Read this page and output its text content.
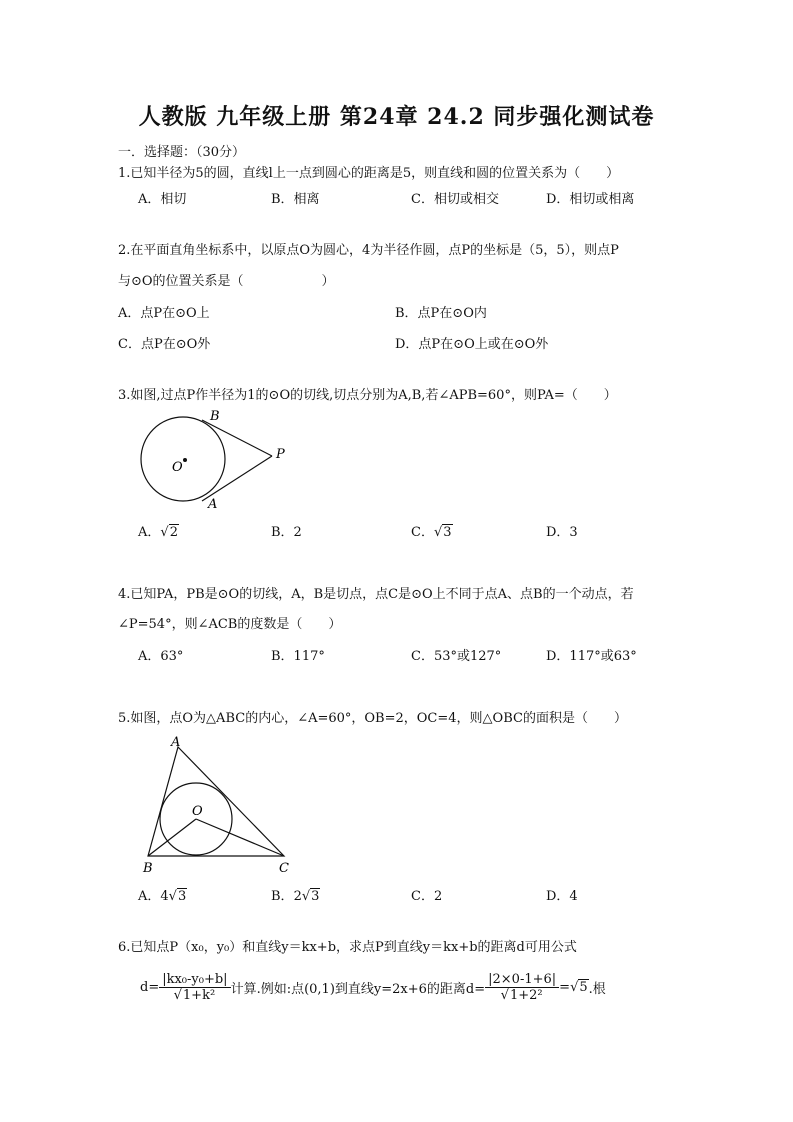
人教版 九年级上册 第24章 24.2 同步强化测试卷
一．选择题：（30分）
1.已知半径为5的圆，直线l上一点到圆心的距离是5，则直线和圆的位置关系为（　　）
A．相切	B．相离	C．相切或相交	D．相切或相离
2.在平面直角坐标系中，以原点O为圆心，4为半径作圆，点P的坐标是（5，5），则点P
与⊙O的位置关系是（　　　　　　）
A．点P在⊙O上	B．点P在⊙O内
C．点P在⊙O外	D．点P在⊙O上或在⊙O外
3.如图,过点P作半径为1的⊙O的切线,切点分别为A,B,若∠APB=60°，则PA=（　　）
B
P
O
A
A．√2	B．2	C．√3	D．3
4.已知PA，PB是⊙O的切线，A，B是切点，点C是⊙O上不同于点A、点B的一个动点，若
∠P=54°，则∠ACB的度数是（　　）
A．63°	B．117°	C．53°或127°	D．117°或63°
5.如图，点O为△ABC的内心，∠A=60°，OB=2，OC=4，则△OBC的面积是（　　）
A
O
B	C
A．4√3	B．2√3	C．2	D．4
6.已知点P（x₀，y₀）和直线y＝kx+b，求点P到直线y＝kx+b的距离d可用公式
$d= \frac{\text{|kx₀-y₀+b|}}{\text{√1+k²}}$ 计算.例如:点(0,1)到直线y=2x+6的距离$d= \frac{|2\times 0-1+6|}{\text{√1+2²}}$ = √ 5 .根
